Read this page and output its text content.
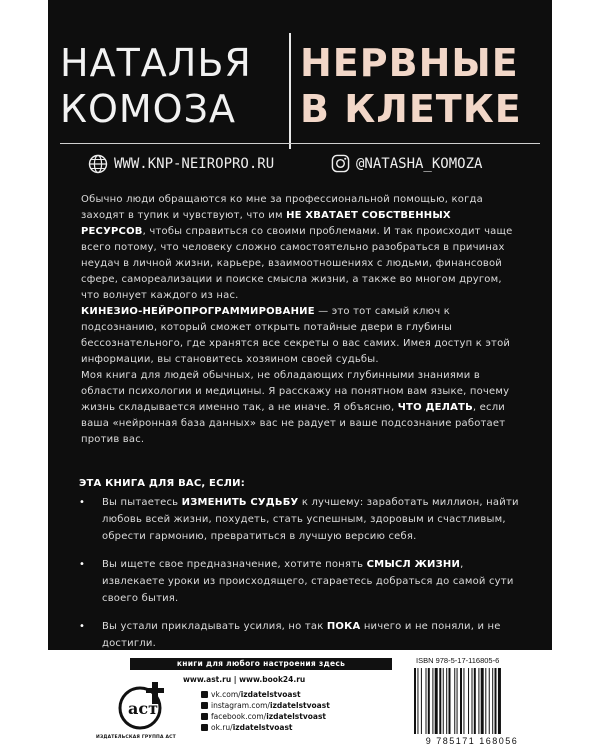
НАТАЛЬЯ
КОМОЗА
НЕРВНЫЕ
В КЛЕТКЕ
WWW.KNP-NEIROPRO.RU	@NATASHA_KOMOZA

Обычно люди обращаются ко мне за профессиональной помощью, когда заходят в тупик и чувствуют, что им НЕ ХВАТАЕТ СОБСТВЕННЫХ РЕСУРСОВ, чтобы справиться со своими проблемами. И так происходит чаще всего потому, что человеку сложно самостоятельно разобраться в причинах неудач в личной жизни, карьере, взаимоотношениях с людьми, финансовой сфере, самореализации и поиске смысла жизни, а также во многом другом, что волнует каждого из нас.

КИНЕЗИО-НЕЙРОПРОГРАММИРОВАНИЕ — это тот самый ключ к подсознанию, который сможет открыть потайные двери в глубины бессознательного, где хранятся все секреты о вас самих. Имея доступ к этой информации, вы становитесь хозяином своей судьбы.

Моя книга для людей обычных, не обладающих глубинными знаниями в области психологии и медицины. Я расскажу на понятном вам языке, почему жизнь складывается именно так, а не иначе. Я объясню, ЧТО ДЕЛАТЬ, если ваша «нейронная база данных» вас не радует и ваше подсознание работает против вас.

ЭТА КНИГА ДЛЯ ВАС, ЕСЛИ:
• Вы пытаетесь ИЗМЕНИТЬ СУДЬБУ к лучшему: заработать миллион, найти любовь всей жизни, похудеть, стать успешным, здоровым и счастливым, обрести гармонию, превратиться в лучшую версию себя.
• Вы ищете свое предназначение, хотите понять СМЫСЛ ЖИЗНИ, извлекаете уроки из происходящего, стараетесь добраться до самой сути своего бытия.
• Вы устали прикладывать усилия, но так ПОКА ничего и не поняли, и не достигли.
книги для любого настроения здесь
www.ast.ru | www.book24.ru
аст
ИЗДАТЕЛЬСКАЯ ГРУППА АСТ
vk.com/ izdatelstvoast
instagram.com/ izdatelstvoast
facebook.com/ izdatelstvoast
ok.ru/ izdatelstvoast
ISBN 978-5-17-116805-6
9 785171 168056
